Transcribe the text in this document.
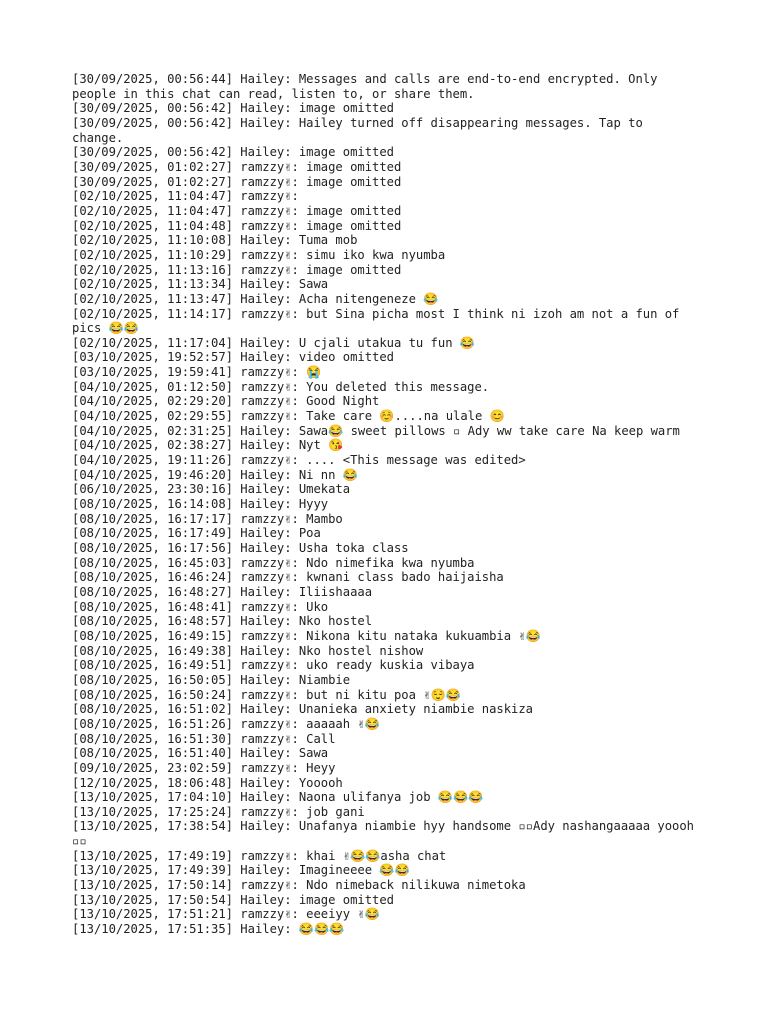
[30/09/2025, 00:56:44] Hailey: Messages and calls are end-to-end encrypted. Only people in this chat can read, listen to, or share them.
[30/09/2025, 00:56:42] Hailey: image omitted
[30/09/2025, 00:56:42] Hailey: Hailey turned off disappearing messages. Tap to change.
[30/09/2025, 00:56:42] Hailey: image omitted
[30/09/2025, 01:02:27] ramzzy✌: image omitted
[30/09/2025, 01:02:27] ramzzy✌: image omitted
[02/10/2025, 11:04:47] ramzzy✌:
[02/10/2025, 11:04:47] ramzzy✌: image omitted
[02/10/2025, 11:04:48] ramzzy✌: image omitted
[02/10/2025, 11:10:08] Hailey: Tuma mob
[02/10/2025, 11:10:29] ramzzy✌: simu iko kwa nyumba
[02/10/2025, 11:13:16] ramzzy✌: image omitted
[02/10/2025, 11:13:34] Hailey: Sawa
[02/10/2025, 11:13:47] Hailey: Acha nitengeneze 😂
[02/10/2025, 11:14:17] ramzzy✌: but Sina picha most I think ni izoh am not a fun of pics 😂😂
[02/10/2025, 11:17:04] Hailey: U cjali utakua tu fun 😂
[03/10/2025, 19:52:57] Hailey: video omitted
[03/10/2025, 19:59:41] ramzzy✌: 😭
[04/10/2025, 01:12:50] ramzzy✌: You deleted this message.
[04/10/2025, 02:29:20] ramzzy✌: Good Night
[04/10/2025, 02:29:55] ramzzy✌: Take care ☺️....na ulale 😊
[04/10/2025, 02:31:25] Hailey: Sawa😂 sweet pillows ▫ Ady ww take care Na keep warm
[04/10/2025, 02:38:27] Hailey: Nyt 😘
[04/10/2025, 19:11:26] ramzzy✌: .... <This message was edited>
[04/10/2025, 19:46:20] Hailey: Ni nn 😂
[06/10/2025, 23:30:16] Hailey: Umekata
[08/10/2025, 16:14:08] Hailey: Hyyy
[08/10/2025, 16:17:17] ramzzy✌: Mambo
[08/10/2025, 16:17:49] Hailey: Poa
[08/10/2025, 16:17:56] Hailey: Usha toka class
[08/10/2025, 16:45:03] ramzzy✌: Ndo nimefika kwa nyumba
[08/10/2025, 16:46:24] ramzzy✌: kwnani class bado haijaisha
[08/10/2025, 16:48:27] Hailey: Iliishaaaa
[08/10/2025, 16:48:41] ramzzy✌: Uko
[08/10/2025, 16:48:57] Hailey: Nko hostel
[08/10/2025, 16:49:15] ramzzy✌: Nikona kitu nataka kukuambia ✌😂
[08/10/2025, 16:49:38] Hailey: Nko hostel nishow
[08/10/2025, 16:49:51] ramzzy✌: uko ready kuskia vibaya
[08/10/2025, 16:50:05] Hailey: Niambie
[08/10/2025, 16:50:24] ramzzy✌: but ni kitu poa ✌😌😂
[08/10/2025, 16:51:02] Hailey: Unanieka anxiety niambie naskiza
[08/10/2025, 16:51:26] ramzzy✌: aaaaah ✌😂
[08/10/2025, 16:51:30] ramzzy✌: Call
[08/10/2025, 16:51:40] Hailey: Sawa
[09/10/2025, 23:02:59] ramzzy✌: Heyy
[12/10/2025, 18:06:48] Hailey: Yooooh
[13/10/2025, 17:04:10] Hailey: Naona ulifanya job 😂😂😂
[13/10/2025, 17:25:24] ramzzy✌: job gani
[13/10/2025, 17:38:54] Hailey: Unafanya niambie hyy handsome ▫▫Ady nashangaaaaa yoooh ▫▫
[13/10/2025, 17:49:19] ramzzy✌: khai ✌😂😂asha chat
[13/10/2025, 17:49:39] Hailey: Imagineeee 😂😂
[13/10/2025, 17:50:14] ramzzy✌: Ndo nimeback nilikuwa nimetoka
[13/10/2025, 17:50:54] Hailey: image omitted
[13/10/2025, 17:51:21] ramzzy✌: eeeiyy ✌😂
[13/10/2025, 17:51:35] Hailey: 😂😂😂
